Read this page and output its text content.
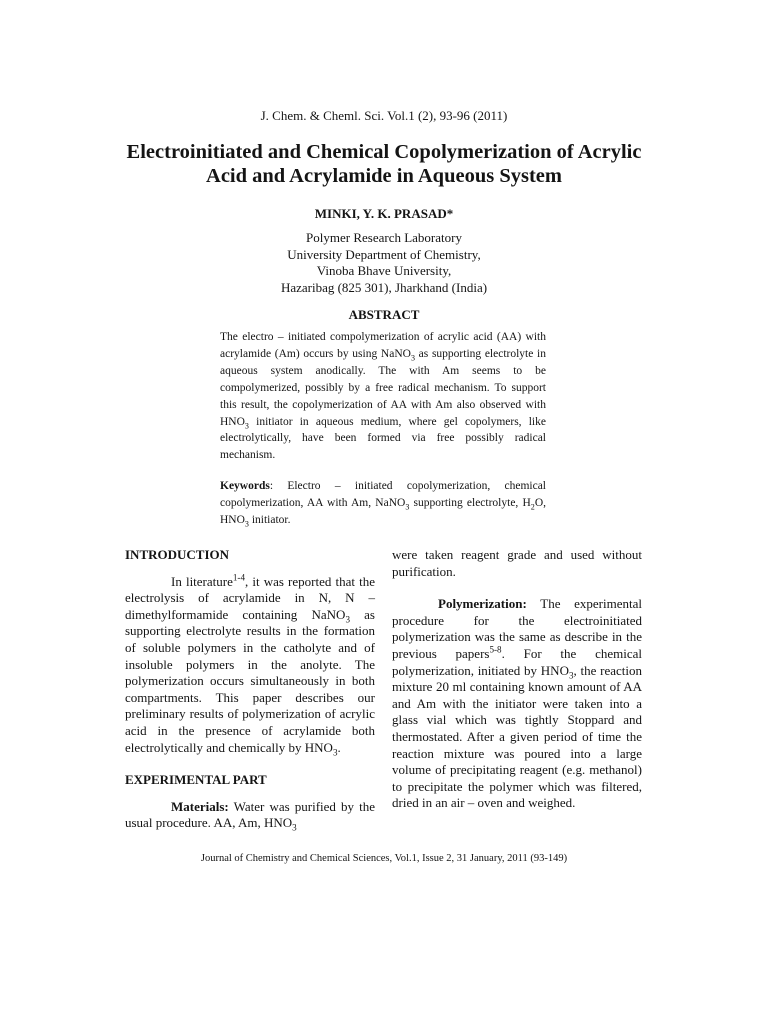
J. Chem. & Cheml. Sci. Vol.1 (2), 93-96 (2011)
Electroinitiated and Chemical Copolymerization of Acrylic
Acid and Acrylamide in Aqueous System
MINKI, Y. K. PRASAD*
Polymer Research Laboratory
University Department of Chemistry,
Vinoba Bhave University,
Hazaribag (825 301), Jharkhand (India)
ABSTRACT
The electro – initiated compolymerization of acrylic acid (AA) with acrylamide (Am) occurs by using NaNO$_3$ as supporting electrolyte in aqueous system anodically. The with Am seems to be compolymerized, possibly by a free radical mechanism. To support this result, the copolymerization of AA with Am also observed with $HNO_3$ initiator in aqueous medium, where gel copolymers, like electrolytically, have been formed via free possibly radical mechanism.
Keywords: Electro – initiated copolymerization, chemical copolymerization, AA with Am, NaNO$_3$ supporting electrolyte, $H_2O$, $HNO_3$ initiator.
INTRODUCTION

In literature$^{1-4}$, it was reported that the electrolysis of acrylamide in N, N – dimethylformamide containing NaNO$_3$ as supporting electrolyte results in the formation of soluble polymers in the catholyte and of insoluble polymers in the anolyte. The polymerization occurs simultaneously in both compartments. This paper describes our preliminary results of polymerization of acrylic acid in the presence of acrylamide both electrolytically and chemically by $HNO_3$.

EXPERIMENTAL PART

Materials: Water was purified by the usual procedure. AA, Am, $HNO_3$

were taken reagent grade and used without purification.

Polymerization: The experimental procedure for the electroinitiated polymerization was the same as describe in the previous papers$^{5-8}$. For the chemical polymerization, initiated by $HNO_3$, the reaction mixture 20 ml containing known amount of AA and Am with the initiator were taken into a glass vial which was tightly Stoppard and thermostated. After a given period of time the reaction mixture was poured into a large volume of precipitating reagent (e.g. methanol) to precipitate the polymer which was filtered, dried in an air – oven and weighed.

Journal of Chemistry and Chemical Sciences, Vol.1, Issue 2, 31 January, 2011 (93-149)
